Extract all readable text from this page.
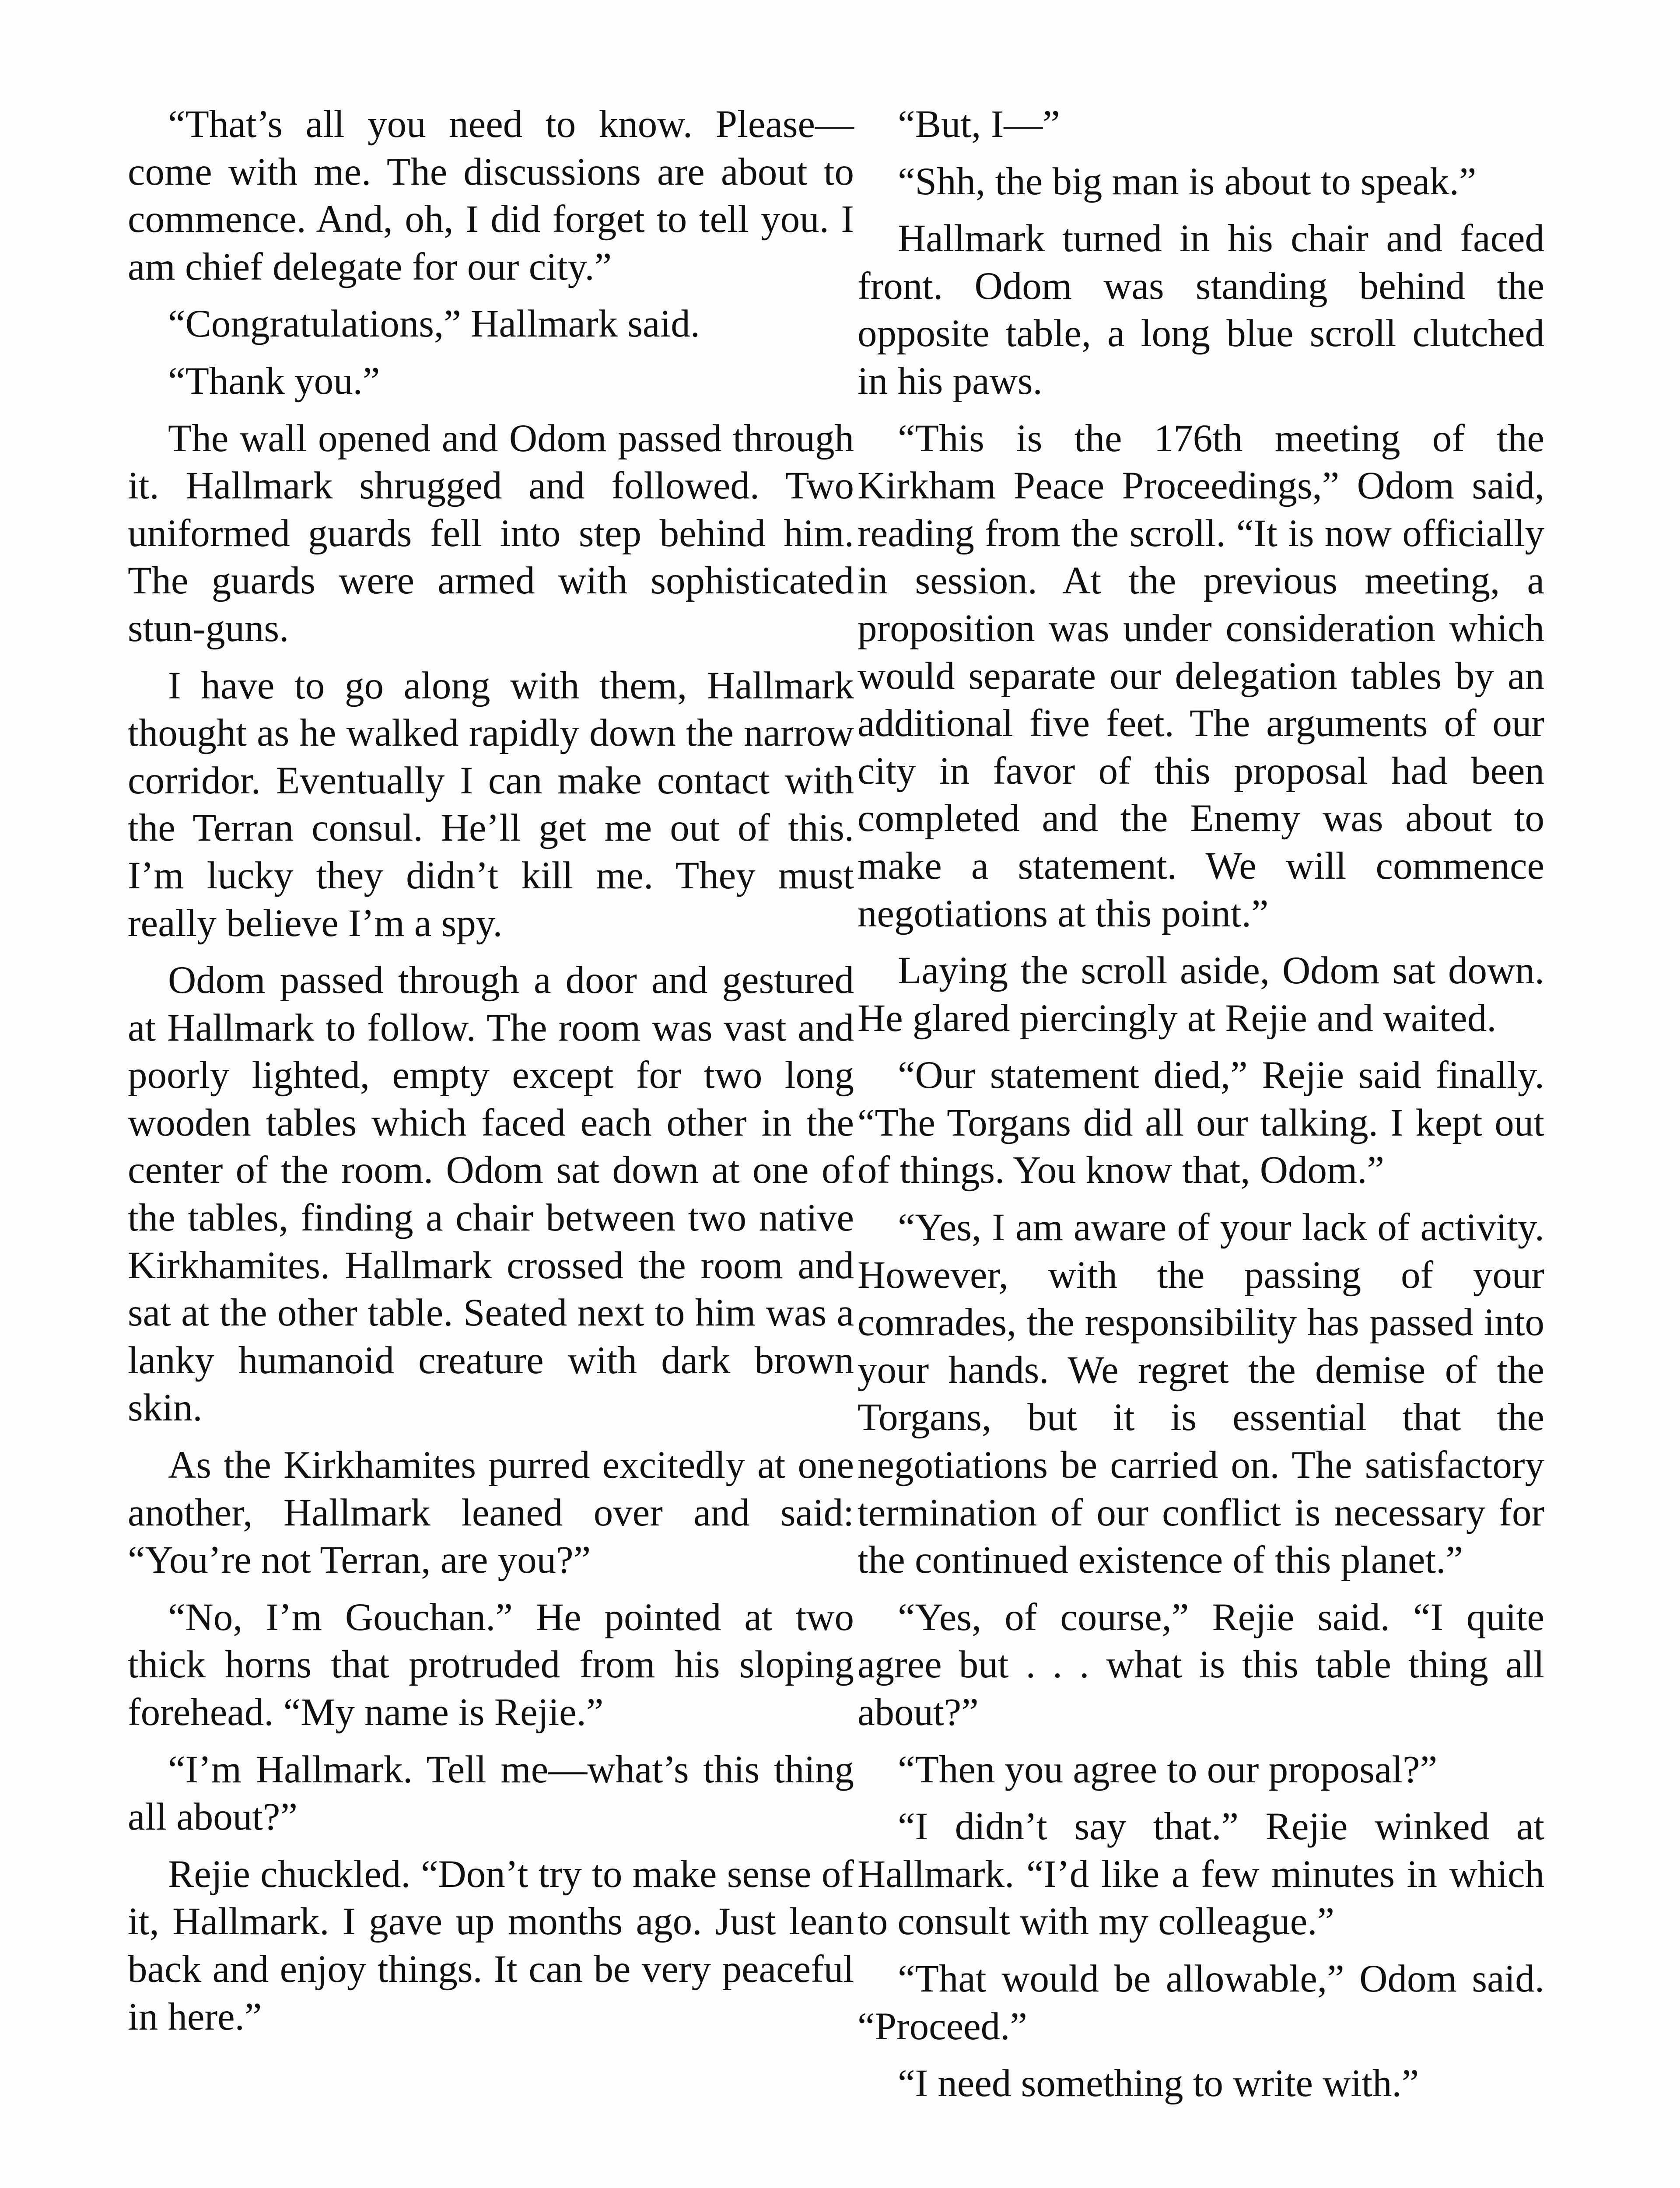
“That’s all you need to know. Please—come with me. The discussions are about to commence. And, oh, I did forget to tell you. I am chief delegate for our city.”

“Congratulations,” Hallmark said.

“Thank you.”

The wall opened and Odom passed through it. Hallmark shrugged and followed. Two uniformed guards fell into step behind him. The guards were armed with sophisticated stun-guns.

I have to go along with them, Hallmark thought as he walked rapidly down the narrow corridor. Eventually I can make contact with the Terran consul. He’ll get me out of this. I’m lucky they didn’t kill me. They must really believe I’m a spy.

Odom passed through a door and gestured at Hallmark to follow. The room was vast and poorly lighted, empty except for two long wooden tables which faced each other in the center of the room. Odom sat down at one of the tables, finding a chair between two native Kirkhamites. Hallmark crossed the room and sat at the other table. Seated next to him was a lanky humanoid creature with dark brown skin.

As the Kirkhamites purred excitedly at one another, Hallmark leaned over and said: “You’re not Terran, are you?”

“No, I’m Gouchan.” He pointed at two thick horns that protruded from his sloping forehead. “My name is Rejie.”

“I’m Hallmark. Tell me—what’s this thing all about?”

Rejie chuckled. “Don’t try to make sense of it, Hallmark. I gave up months ago. Just lean back and enjoy things. It can be very peaceful in here.”

“But, I—”

“Shh, the big man is about to speak.”

Hallmark turned in his chair and faced front. Odom was standing behind the opposite table, a long blue scroll clutched in his paws.

“This is the 176th meeting of the Kirkham Peace Proceedings,” Odom said, reading from the scroll. “It is now officially in session. At the previous meeting, a proposition was under consideration which would separate our delegation tables by an additional five feet. The arguments of our city in favor of this proposal had been completed and the Enemy was about to make a statement. We will commence negotiations at this point.”

Laying the scroll aside, Odom sat down. He glared piercingly at Rejie and waited.

“Our statement died,” Rejie said finally. “The Torgans did all our talking. I kept out of things. You know that, Odom.”

“Yes, I am aware of your lack of activity. However, with the passing of your comrades, the responsibility has passed into your hands. We regret the demise of the Torgans, but it is essential that the negotiations be carried on. The satisfactory termination of our conflict is necessary for the continued existence of this planet.”

“Yes, of course,” Rejie said. “I quite agree but . . . what is this table thing all about?”

“Then you agree to our proposal?”

“I didn’t say that.” Rejie winked at Hallmark. “I’d like a few minutes in which to consult with my colleague.”

“That would be allowable,” Odom said. “Proceed.”

“I need something to write with.”
